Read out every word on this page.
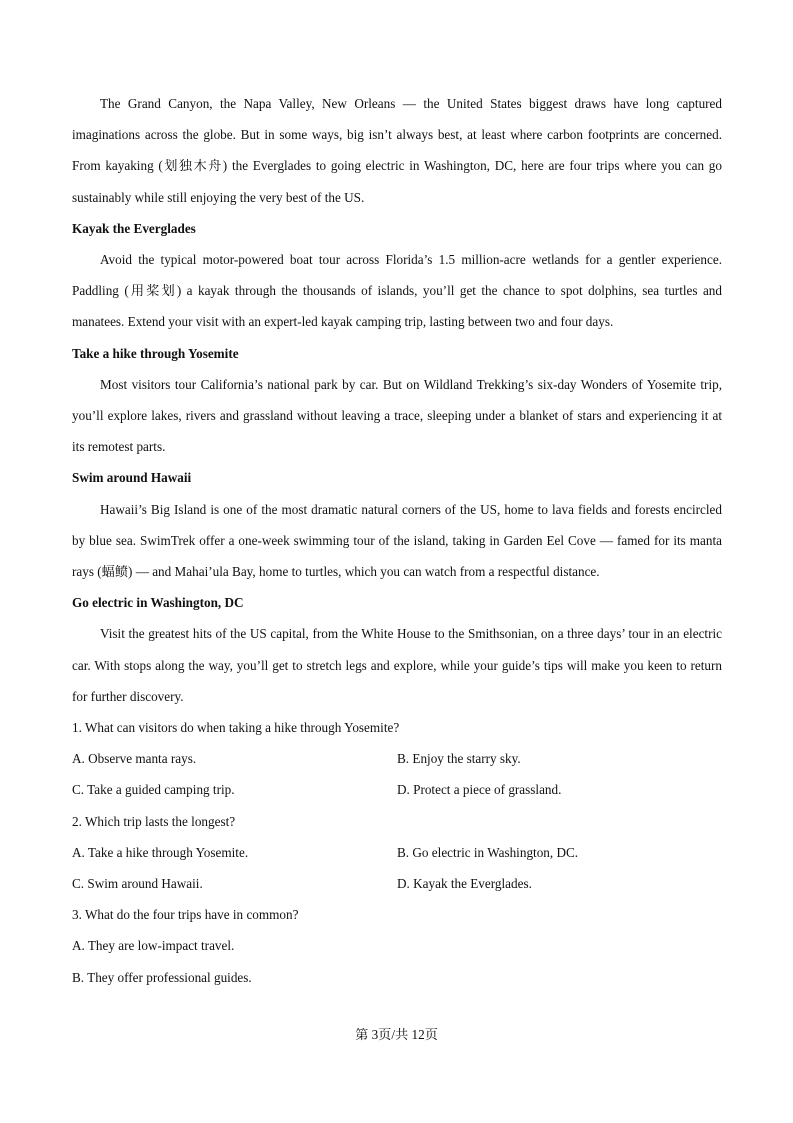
The Grand Canyon, the Napa Valley, New Orleans — the United States biggest draws have long captured imaginations across the globe. But in some ways, big isn’t always best, at least where carbon footprints are concerned. From kayaking (划独木舟) the Everglades to going electric in Washington, DC, here are four trips where you can go sustainably while still enjoying the very best of the US.

Kayak the Everglades

Avoid the typical motor-powered boat tour across Florida’s 1.5 million-acre wetlands for a gentler experience. Paddling (用桨划) a kayak through the thousands of islands, you’ll get the chance to spot dolphins, sea turtles and manatees. Extend your visit with an expert-led kayak camping trip, lasting between two and four days.

Take a hike through Yosemite

Most visitors tour California’s national park by car. But on Wildland Trekking’s six-day Wonders of Yosemite trip, you’ll explore lakes, rivers and grassland without leaving a trace, sleeping under a blanket of stars and experiencing it at its remotest parts.

Swim around Hawaii

Hawaii’s Big Island is one of the most dramatic natural corners of the US, home to lava fields and forests encircled by blue sea. SwimTrek offer a one-week swimming tour of the island, taking in Garden Eel Cove — famed for its manta rays (蝠鲼) — and Mahai’ula Bay, home to turtles, which you can watch from a respectful distance.

Go electric in Washington, DC

Visit the greatest hits of the US capital, from the White House to the Smithsonian, on a three days’ tour in an electric car. With stops along the way, you’ll get to stretch legs and explore, while your guide’s tips will make you keen to return for further discovery.

1. What can visitors do when taking a hike through Yosemite?

A. Observe manta rays.	B. Enjoy the starry sky.
C. Take a guided camping trip.	D. Protect a piece of grassland.

2. Which trip lasts the longest?

A. Take a hike through Yosemite.	B. Go electric in Washington, DC.
C. Swim around Hawaii.	D. Kayak the Everglades.

3. What do the four trips have in common?

A. They are low-impact travel.

B. They offer professional guides.

第 3页/共 12页
